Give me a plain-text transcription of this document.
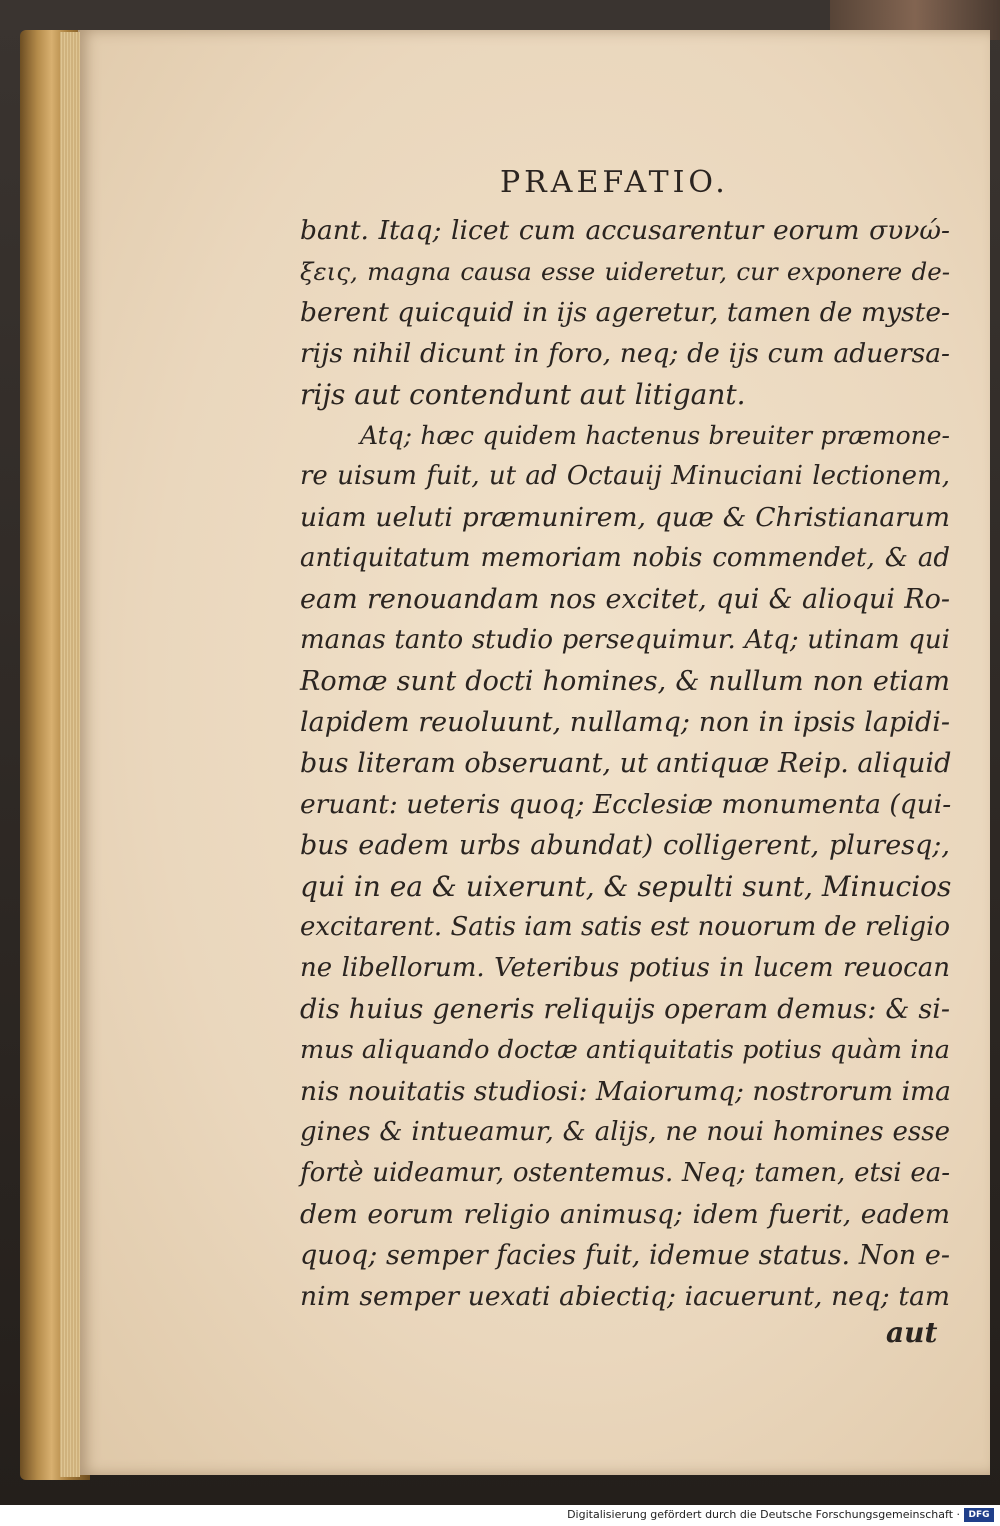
PRAEFATIO.
bant. Itaq; licet cum accusarentur eorum συνώ-
ξεις, magna causa esse uideretur, cur exponere de-
berent quicquid in ijs ageretur, tamen de myste-
rijs nihil dicunt in foro, neq; de ijs cum aduersa-
rijs aut contendunt aut litigant.
Atq; hæc quidem hactenus breuiter præmone-
re uisum fuit, ut ad Octauij Minuciani lectionem,
uiam ueluti præmunirem, quæ & Christianarum
antiquitatum memoriam nobis commendet, & ad
eam renouandam nos excitet, qui & alioqui Ro-
manas tanto studio persequimur. Atq; utinam qui
Romæ sunt docti homines, & nullum non etiam
lapidem reuoluunt, nullamq; non in ipsis lapidi-
bus literam obseruant, ut antiquæ Reip. aliquid
eruant: ueteris quoq; Ecclesiæ monumenta (qui-
bus eadem urbs abundat) colligerent, pluresq;,
qui in ea & uixerunt, & sepulti sunt, Minucios
excitarent. Satis iam satis est nouorum de religio
ne libellorum. Veteribus potius in lucem reuocan
dis huius generis reliquijs operam demus: & si-
mus aliquando doctæ antiquitatis potius quàm ina
nis nouitatis studiosi: Maiorumq; nostrorum ima
gines & intueamur, & alijs, ne noui homines esse
fortè uideamur, ostentemus. Neq; tamen, etsi ea-
dem eorum religio animusq; idem fuerit, eadem
quoq; semper facies fuit, idemue status. Non e-
nim semper uexati abiectiq; iacuerunt, neq; tam
aut
Digitalisierung gefördert durch die Deutsche Forschungsgemeinschaft · DFG
